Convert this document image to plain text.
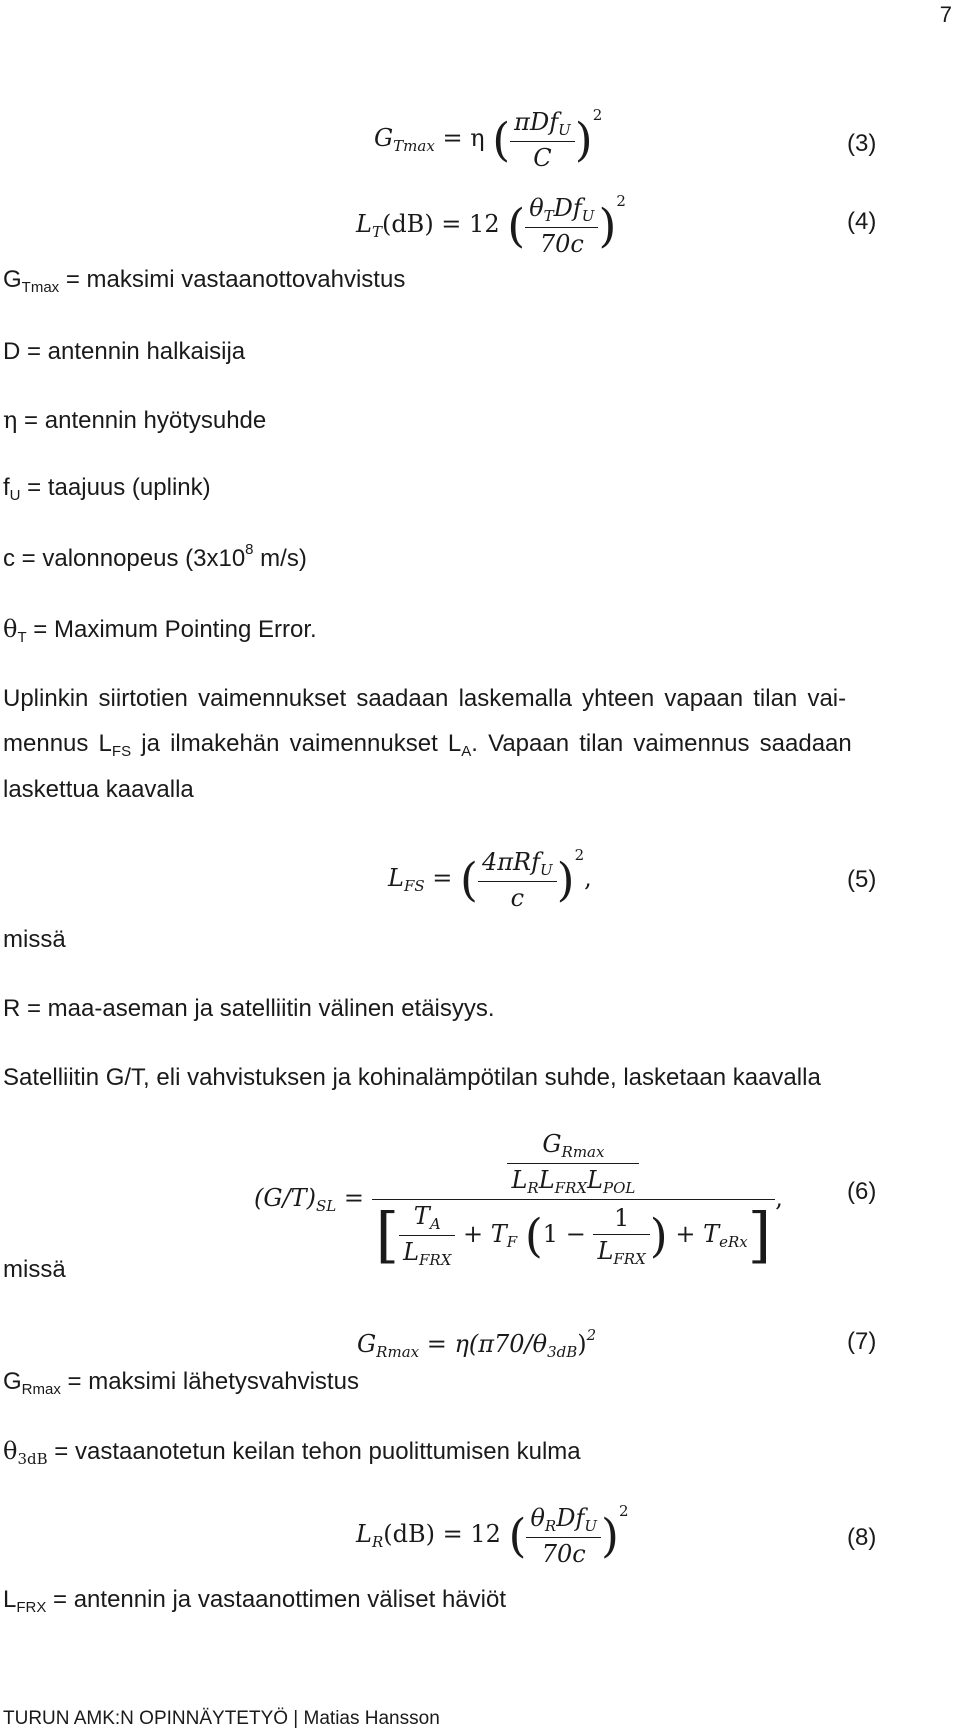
7
$G_{Tmax} = \eta$ ( $\frac{\pi Df_U}{C} )^2$
(3)
$L_T(dB) = 12$ ( $\frac{\theta_TDf_U}{70c} )^2$
(4)
$G_{Tmax}$ = maksimi vastaanottovahvistus
D = antennin halkaisija
η = antennin hyötysuhde
$f_U$ = taajuus (uplink)
c = valonnopeus ($3x10^8$ m/s)
$\theta_T$ = Maximum Pointing Error.
Uplinkin siirtotien vaimennukset saadaan laskemalla yhteen vapaan tilan vai-
mennus $L_{FS}$ ja ilmakehän vaimennukset $L_A$. Vapaan tilan vaimennus saadaan
laskettua kaavalla
$L_{FS}$ = ( $\frac{4\pi Rf_U}{c} )^2$,	(5)
missä
R = maa-aseman ja satelliitin välinen etäisyys.
Satelliitin G/T, eli vahvistuksen ja kohinalämpötilan suhde, lasketaan kaavalla
$(G/T)_{SL} = \frac{\frac{G_{Rmax}}{L_RL_{FRX}L_{POL}}}{[ \frac{T_A}{L_{FRX}} + T_F (1 - \frac{1}{L_{FRX}} ) + T_{eRx}]}$ ,	(6)
missä
$G_{Rmax} = \eta(\pi 70/\theta_{3dB})^2$	(7)
$G_{Rmax}$ = maksimi lähetysvahvistus
$\theta_{3dB}$ = vastaanotetun keilan tehon puolittumisen kulma
$L_R(dB) = 12$ ( $\frac{\theta_RDf_U}{70c} )^2$
(8)
$L_{FRX}$ = antennin ja vastaanottimen väliset häviöt
TURUN AMK:N OPINNÄYTETYÖ | Matias Hansson
